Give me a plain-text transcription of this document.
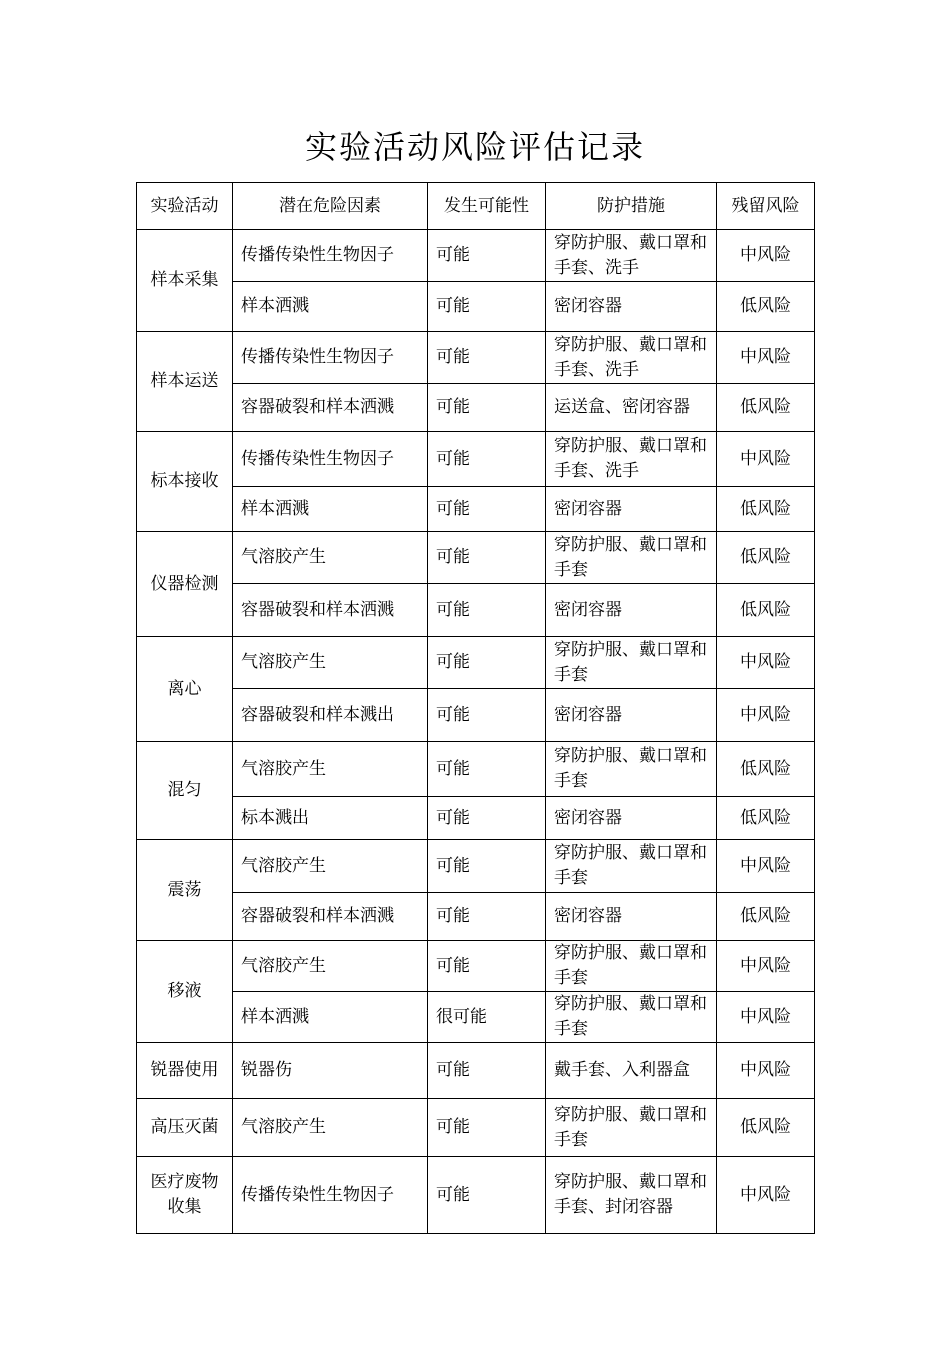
实验活动风险评估记录
实验活动	潜在危险因素	发生可能性	防护措施	残留风险
样本采集	传播传染性生物因子	可能	穿防护服、戴口罩和手套、洗手	中风险
	样本洒溅	可能	密闭容器	低风险
样本运送	传播传染性生物因子	可能	穿防护服、戴口罩和手套、洗手	中风险
	容器破裂和样本洒溅	可能	运送盒、密闭容器	低风险
标本接收	传播传染性生物因子	可能	穿防护服、戴口罩和手套、洗手	中风险
	样本洒溅	可能	密闭容器	低风险
仪器检测	气溶胶产生	可能	穿防护服、戴口罩和手套	低风险
	容器破裂和样本洒溅	可能	密闭容器	低风险
离心	气溶胶产生	可能	穿防护服、戴口罩和手套	中风险
	容器破裂和样本溅出	可能	密闭容器	中风险
混匀	气溶胶产生	可能	穿防护服、戴口罩和手套	低风险
	标本溅出	可能	密闭容器	低风险
震荡	气溶胶产生	可能	穿防护服、戴口罩和手套	中风险
	容器破裂和样本洒溅	可能	密闭容器	低风险
移液	气溶胶产生	可能	穿防护服、戴口罩和手套	中风险
	样本洒溅	很可能	穿防护服、戴口罩和手套	中风险
锐器使用	锐器伤	可能	戴手套、入利器盒	中风险
高压灭菌	气溶胶产生	可能	穿防护服、戴口罩和手套	低风险
医疗废物收集	传播传染性生物因子	可能	穿防护服、戴口罩和手套、封闭容器	中风险
